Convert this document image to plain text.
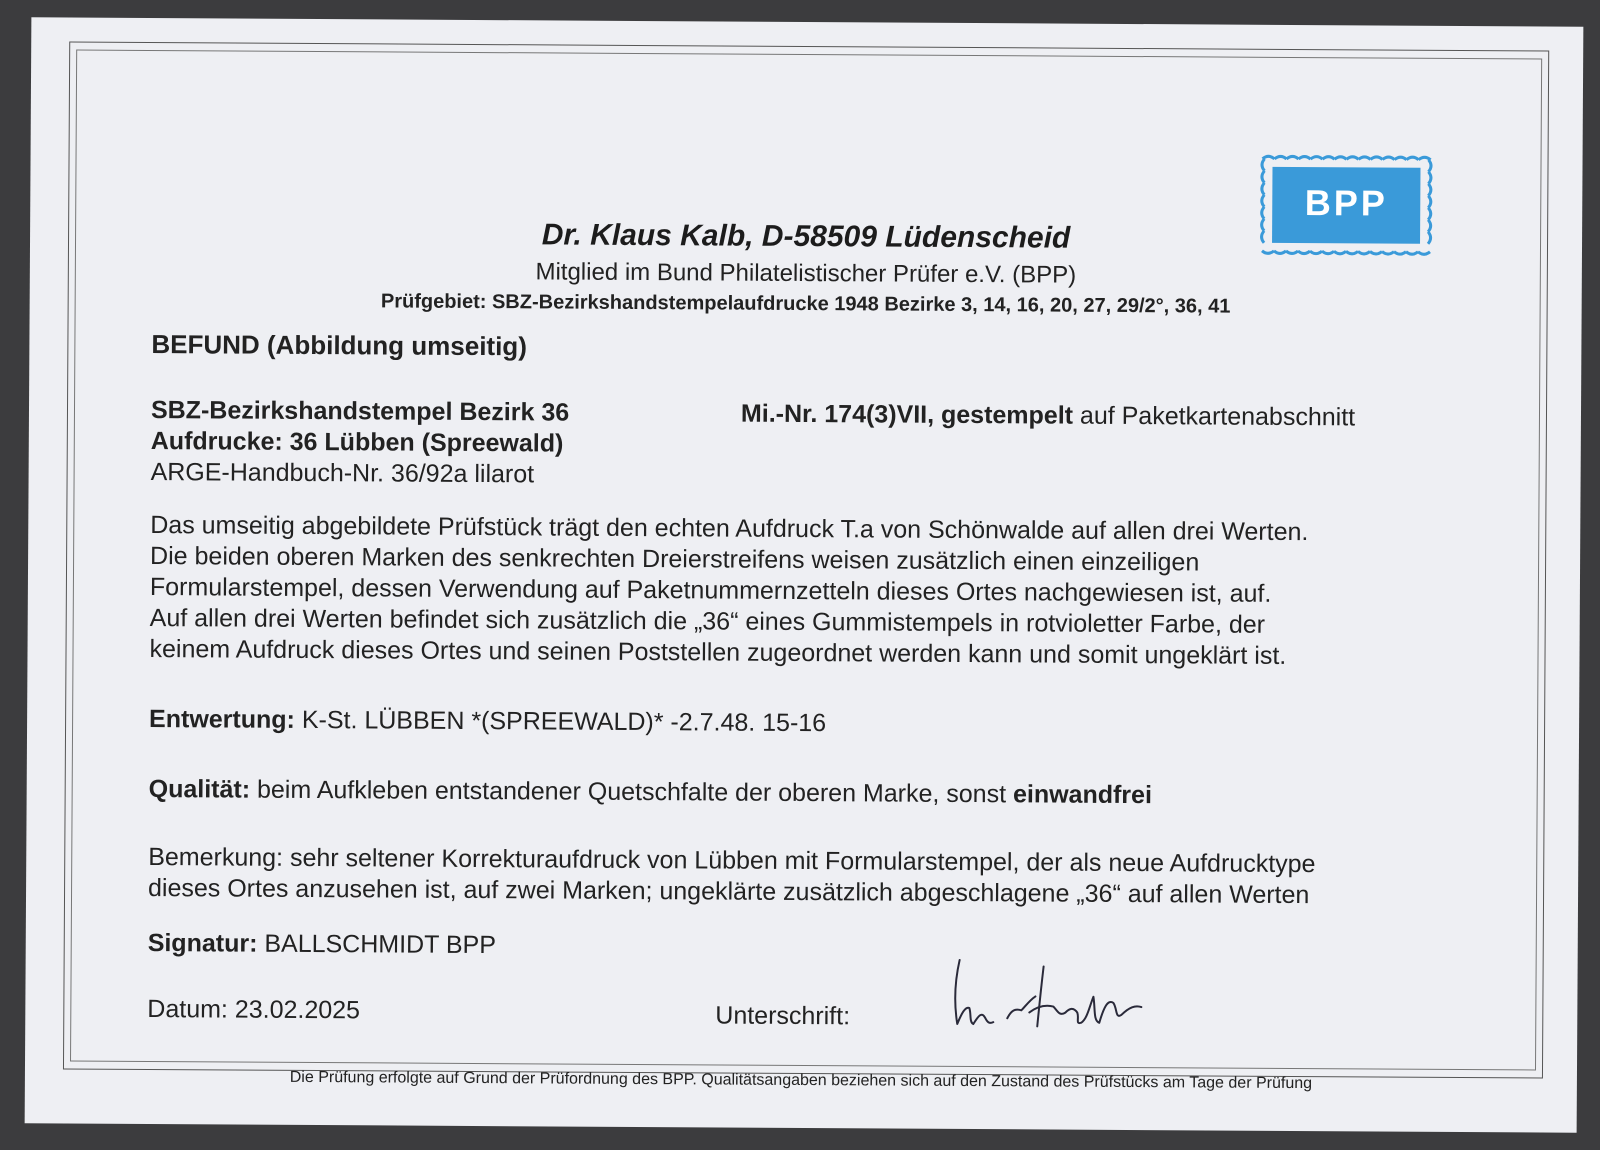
BPP
Dr. Klaus Kalb, D-58509 Lüdenscheid
Mitglied im Bund Philatelistischer Prüfer e.V. (BPP)
Prüfgebiet: SBZ-Bezirkshandstempelaufdrucke 1948 Bezirke 3, 14, 16, 20, 27, 29/2°, 36, 41
BEFUND (Abbildung umseitig)
SBZ-Bezirkshandstempel Bezirk 36
Aufdrucke: 36 Lübben (Spreewald)
ARGE-Handbuch-Nr. 36/92a lilarot
Mi.-Nr. 174(3)VII, gestempelt auf Paketkartenabschnitt
Das umseitig abgebildete Prüfstück trägt den echten Aufdruck T.a von Schönwalde auf allen drei Werten.
Die beiden oberen Marken des senkrechten Dreierstreifens weisen zusätzlich einen einzeiligen
Formularstempel, dessen Verwendung auf Paketnummernzetteln dieses Ortes nachgewiesen ist, auf.
Auf allen drei Werten befindet sich zusätzlich die „36“ eines Gummistempels in rotvioletter Farbe, der
keinem Aufdruck dieses Ortes und seinen Poststellen zugeordnet werden kann und somit ungeklärt ist.
Entwertung: K-St. LÜBBEN *(SPREEWALD)* -2.7.48. 15-16
Qualität: beim Aufkleben entstandener Quetschfalte der oberen Marke, sonst einwandfrei
Bemerkung: sehr seltener Korrekturaufdruck von Lübben mit Formularstempel, der als neue Aufdrucktype
dieses Ortes anzusehen ist, auf zwei Marken; ungeklärte zusätzlich abgeschlagene „36“ auf allen Werten
Signatur: BALLSCHMIDT BPP
Datum: 23.02.2025	Unterschrift:
Die Prüfung erfolgte auf Grund der Prüfordnung des BPP. Qualitätsangaben beziehen sich auf den Zustand des Prüfstücks am Tage der Prüfung
